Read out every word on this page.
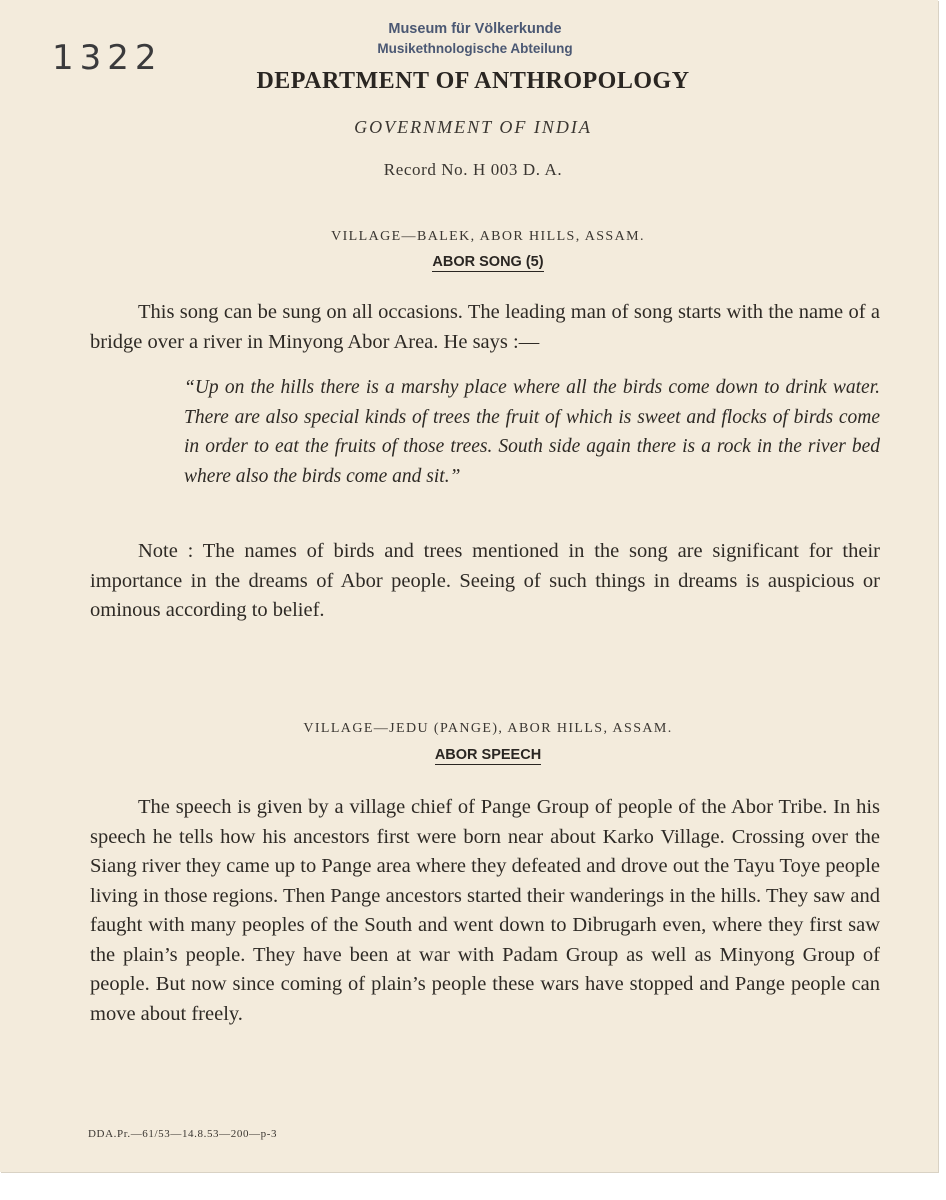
1322
Museum für Völkerkunde
Musikethnologische Abteilung
DEPARTMENT OF ANTHROPOLOGY
GOVERNMENT OF INDIA
Record No. H 003 D. A.
VILLAGE—BALEK, ABOR HILLS, ASSAM.
ABOR SONG (5)
This song can be sung on all occasions. The leading man of song starts with the name of a bridge over a river in Minyong Abor Area. He says :—
“Up on the hills there is a marshy place where all the birds come down to drink water. There are also special kinds of trees the fruit of which is sweet and flocks of birds come in order to eat the fruits of those trees. South side again there is a rock in the river bed where also the birds come and sit.”
Note : The names of birds and trees mentioned in the song are significant for their importance in the dreams of Abor people. Seeing of such things in dreams is auspicious or ominous according to belief.
VILLAGE—JEDU (PANGE), ABOR HILLS, ASSAM.
ABOR SPEECH
The speech is given by a village chief of Pange Group of people of the Abor Tribe. In his speech he tells how his ancestors first were born near about Karko Village. Crossing over the Siang river they came up to Pange area where they defeated and drove out the Tayu Toye people living in those regions. Then Pange ancestors started their wanderings in the hills. They saw and faught with many peoples of the South and went down to Dibrugarh even, where they first saw the plain’s people. They have been at war with Padam Group as well as Minyong Group of people. But now since coming of plain’s people these wars have stopped and Pange people can move about freely.
DDA.Pr.—61/53—14.8.53—200—p-3
